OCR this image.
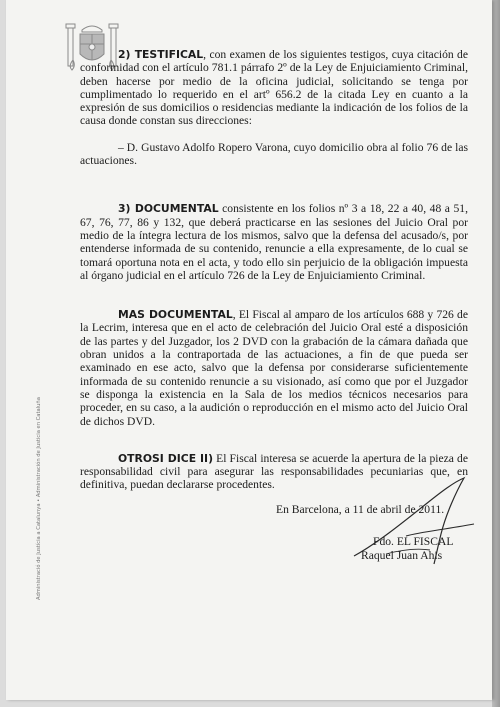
Administració de Justícia a Catalunya • Administración de Justicia en Cataluña

2) TESTIFICAL, con examen de los siguientes testigos, cuya citación de conformidad con el artículo 781.1 párrafo 2º de la Ley de Enjuiciamiento Criminal, deben hacerse por medio de la oficina judicial, solicitando se tenga por cumplimentado lo requerido en el artº 656.2 de la citada Ley en cuanto a la expresión de sus domicilios o residencias mediante la indicación de los folios de la causa donde constan sus direcciones:

– D. Gustavo Adolfo Ropero Varona, cuyo domicilio obra al folio 76 de las actuaciones.

3) DOCUMENTAL consistente en los folios nº 3 a 18, 22 a 40, 48 a 51, 67, 76, 77, 86 y 132, que deberá practicarse en las sesiones del Juicio Oral por medio de la íntegra lectura de los mismos, salvo que la defensa del acusado/s, por entenderse informada de su contenido, renuncie a ella expresamente, de lo cual se tomará oportuna nota en el acta, y todo ello sin perjuicio de la obligación impuesta al órgano judicial en el artículo 726 de la Ley de Enjuiciamiento Criminal.

MAS DOCUMENTAL, El Fiscal al amparo de los artículos 688 y 726 de la Lecrim, interesa que en el acto de celebración del Juicio Oral esté a disposición de las partes y del Juzgador, los 2 DVD con la grabación de la cámara dañada que obran unidos a la contraportada de las actuaciones, a fin de que pueda ser examinado en ese acto, salvo que la defensa por considerarse suficientemente informada de su contenido renuncie a su visionado, así como que por el Juzgador se disponga la existencia en la Sala de los medios técnicos necesarios para proceder, en su caso, a la audición o reproducción en el mismo acto del Juicio Oral de dichos DVD.

OTROSI DICE II) El Fiscal interesa se acuerde la apertura de la pieza de responsabilidad civil para asegurar las responsabilidades pecuniarias que, en definitiva, puedan declararse procedentes.

En Barcelona, a 11 de abril de 2011.
Fdo. EL FISCAL
Raquel Juan Ahis
